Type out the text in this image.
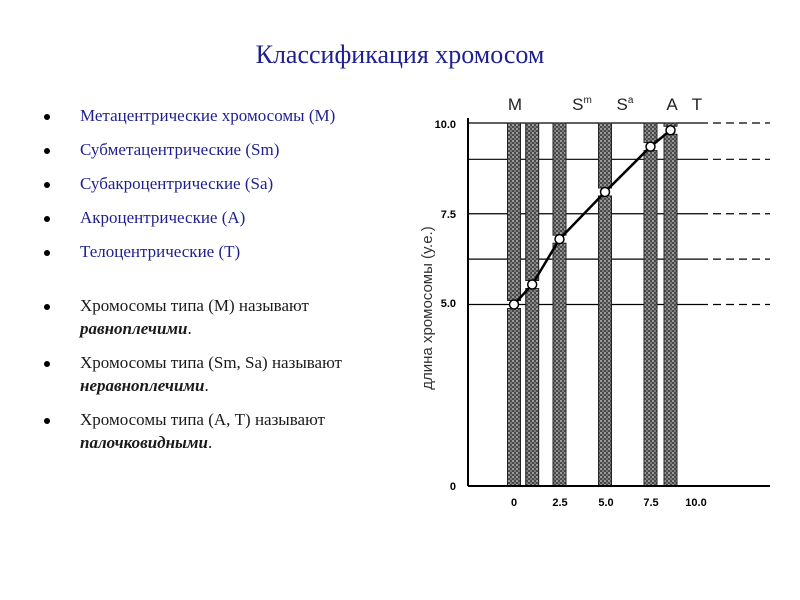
Классификация хромосом
Метацентрические хромосомы (М)
Субметацентрические (Sm)
Субакроцентрические (Sa)
Акроцентрические (А)
Телоцентрические (Т)
Хромосомы типа (М) называют равноплечими.
Хромосомы типа (Sm, Sa) называют неравноплечими.
Хромосомы типа (А, Т) называют палочковидными.
10.0
7.5
5.0
0
0	2.5	5.0	7.5 10.0
длина хромосомы (у.е.)
M	$S^m$ $S^a$ A T
